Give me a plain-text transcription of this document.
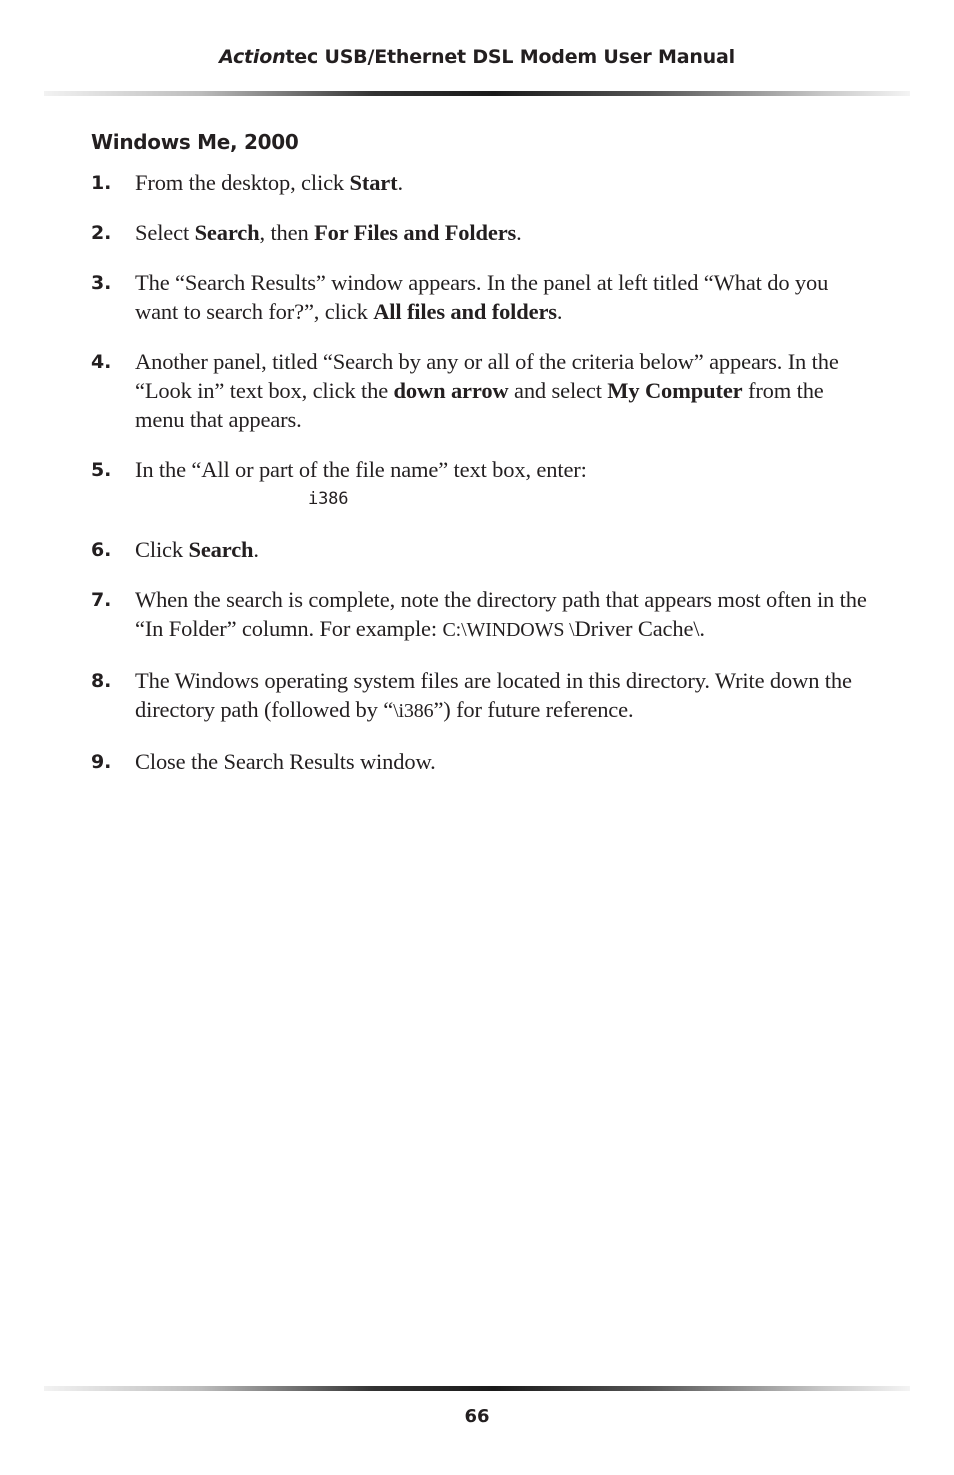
Actiontec USB/Ethernet DSL Modem User Manual
Windows Me, 2000
1. From the desktop, click Start.
2. Select Search, then For Files and Folders.
3. The “Search Results” window appears. In the panel at left titled “What do you want to search for?”, click All files and folders.
4. Another panel, titled “Search by any or all of the criteria below” appears. In the “Look in” text box, click the down arrow and select My Computer from the menu that appears.
5. In the “All or part of the file name” text box, enter:
i386
6. Click Search.
7. When the search is complete, note the directory path that appears most often in the “In Folder” column. For example: C:\WINDOWS \Driver Cache\.
8. The Windows operating system files are located in this directory. Write down the directory path (followed by “\i386”) for future reference.
9. Close the Search Results window.
66
